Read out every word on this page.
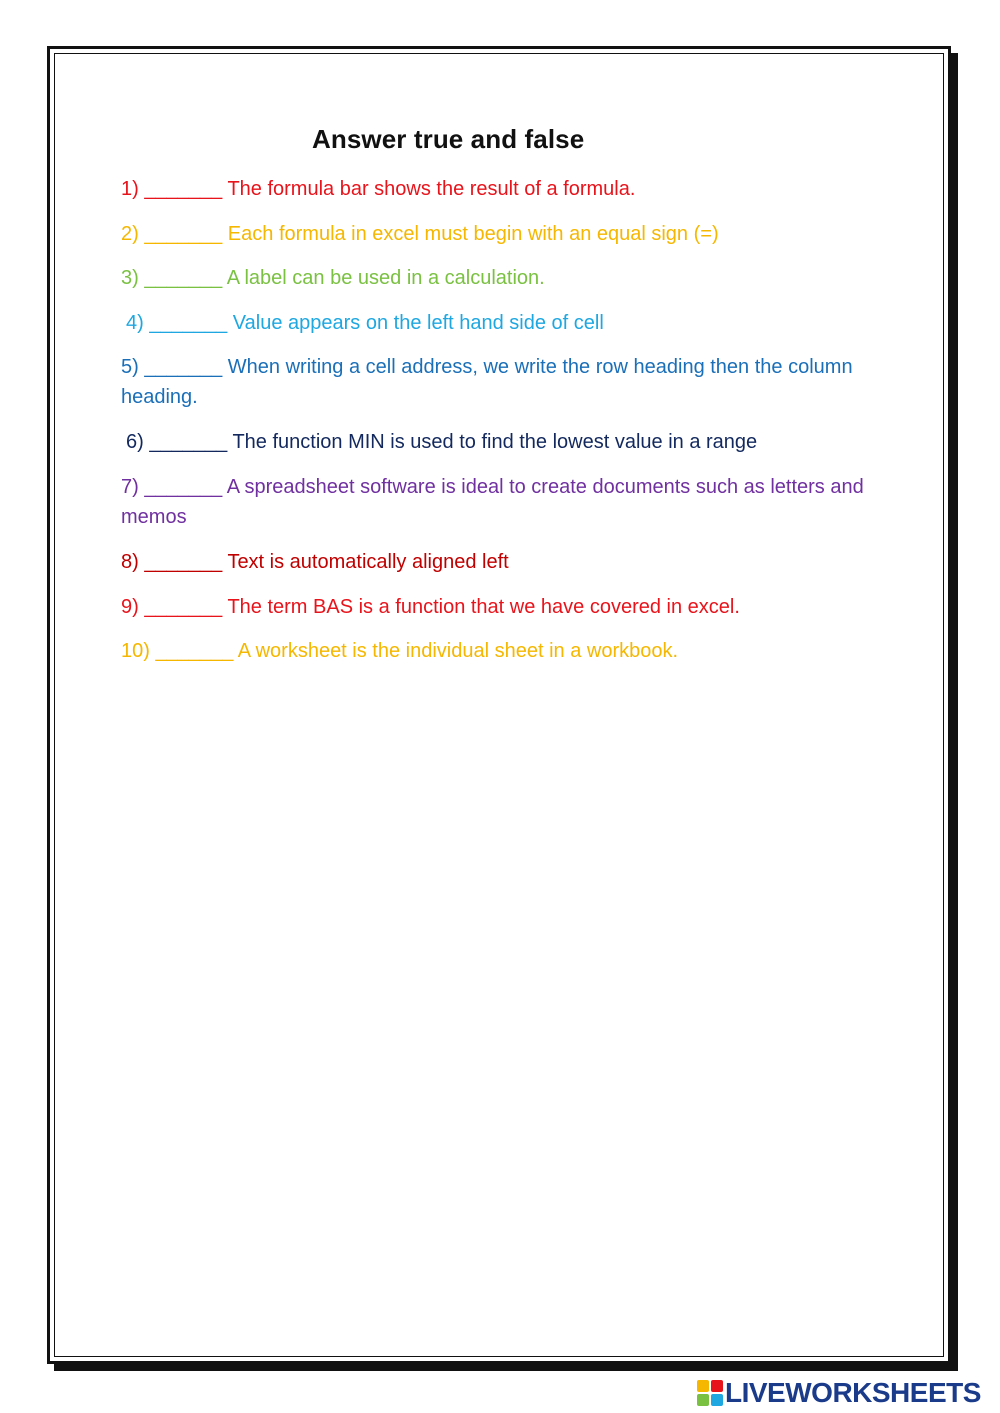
Answer true and false
1) _______ The formula bar shows the result of a formula.
2) _______ Each formula in excel must begin with an equal sign (=)
3) _______ A label can be used in a calculation.
4) _______ Value appears on the left hand side of cell
5) _______ When writing a cell address, we write the row heading then the column heading.
6) _______ The function MIN is used to find the lowest value in a range
7) _______ A spreadsheet software is ideal to create documents such as letters and memos
8) _______ Text is automatically aligned left
9) _______ The term BAS is a function that we have covered in excel.
10) _______ A worksheet is the individual sheet in a workbook.
LIVEWORKSHEETS
